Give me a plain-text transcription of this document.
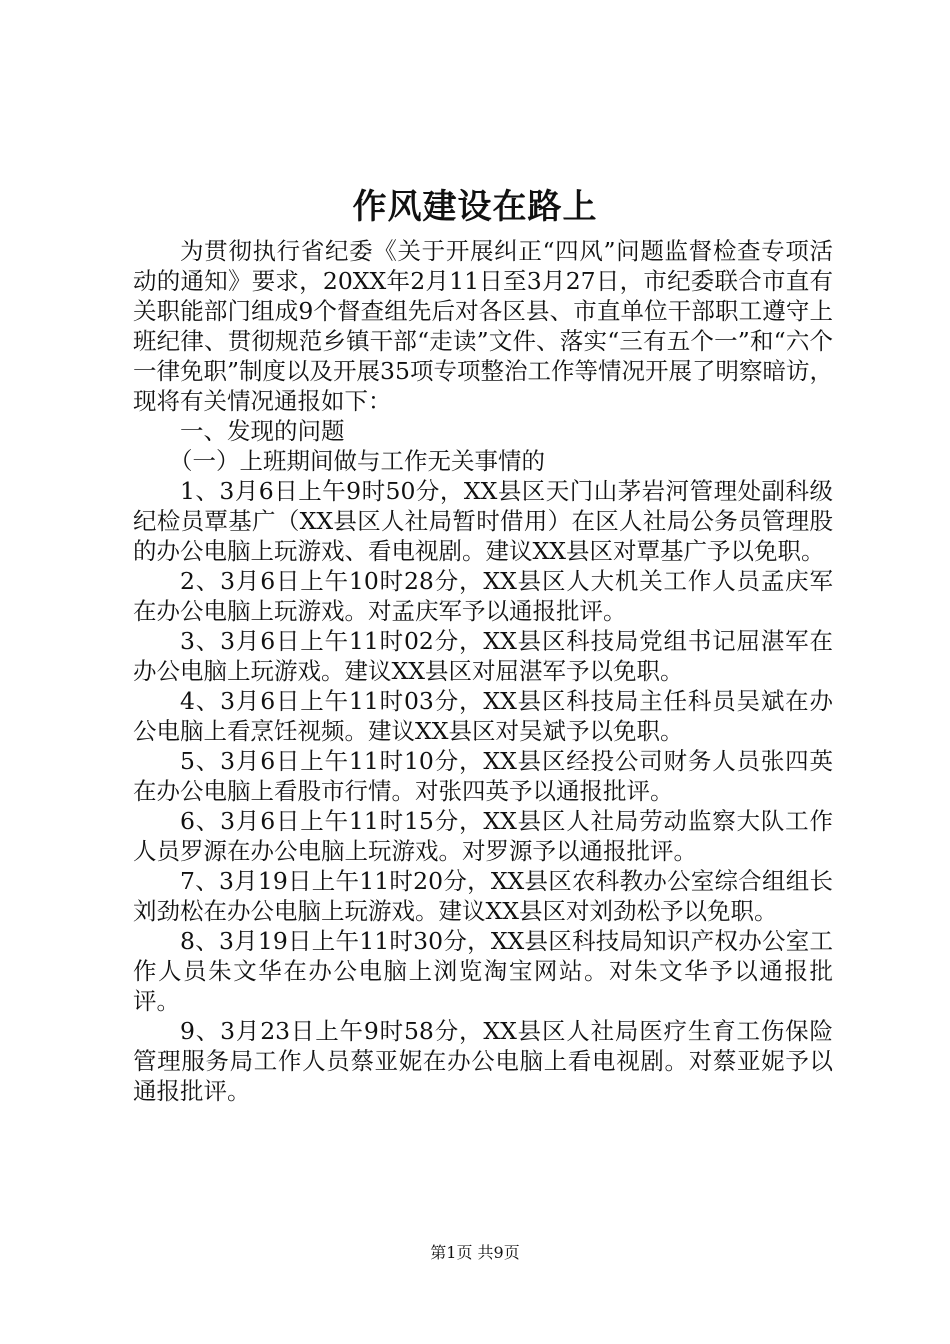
作风建设在路上

为贯彻执行省纪委《关于开展纠正“四风”问题监督检查专项活动的通知》要求，20XX年2月11日至3月27日，市纪委联合市直有关职能部门组成9个督查组先后对各区县、市直单位干部职工遵守上班纪律、贯彻规范乡镇干部“走读”文件、落实“三有五个一”和“六个一律免职”制度以及开展35项专项整治工作等情况开展了明察暗访，现将有关情况通报如下：

一、发现的问题

（一）上班期间做与工作无关事情的

1、3月6日上午9时50分，XX县区天门山茅岩河管理处副科级纪检员覃基广（XX县区人社局暂时借用）在区人社局公务员管理股的办公电脑上玩游戏、看电视剧。建议XX县区对覃基广予以免职。

2、3月6日上午10时28分，XX县区人大机关工作人员孟庆军在办公电脑上玩游戏。对孟庆军予以通报批评。

3、3月6日上午11时02分，XX县区科技局党组书记屈湛军在办公电脑上玩游戏。建议XX县区对屈湛军予以免职。

4、3月6日上午11时03分，XX县区科技局主任科员吴斌在办公电脑上看烹饪视频。建议XX县区对吴斌予以免职。

5、3月6日上午11时10分，XX县区经投公司财务人员张四英在办公电脑上看股市行情。对张四英予以通报批评。

6、3月6日上午11时15分，XX县区人社局劳动监察大队工作人员罗源在办公电脑上玩游戏。对罗源予以通报批评。

7、3月19日上午11时20分，XX县区农科教办公室综合组组长刘劲松在办公电脑上玩游戏。建议XX县区对刘劲松予以免职。

8、3月19日上午11时30分，XX县区科技局知识产权办公室工作人员朱文华在办公电脑上浏览淘宝网站。对朱文华予以通报批评。

9、3月23日上午9时58分，XX县区人社局医疗生育工伤保险管理服务局工作人员蔡亚妮在办公电脑上看电视剧。对蔡亚妮予以通报批评。

第1页 共9页
